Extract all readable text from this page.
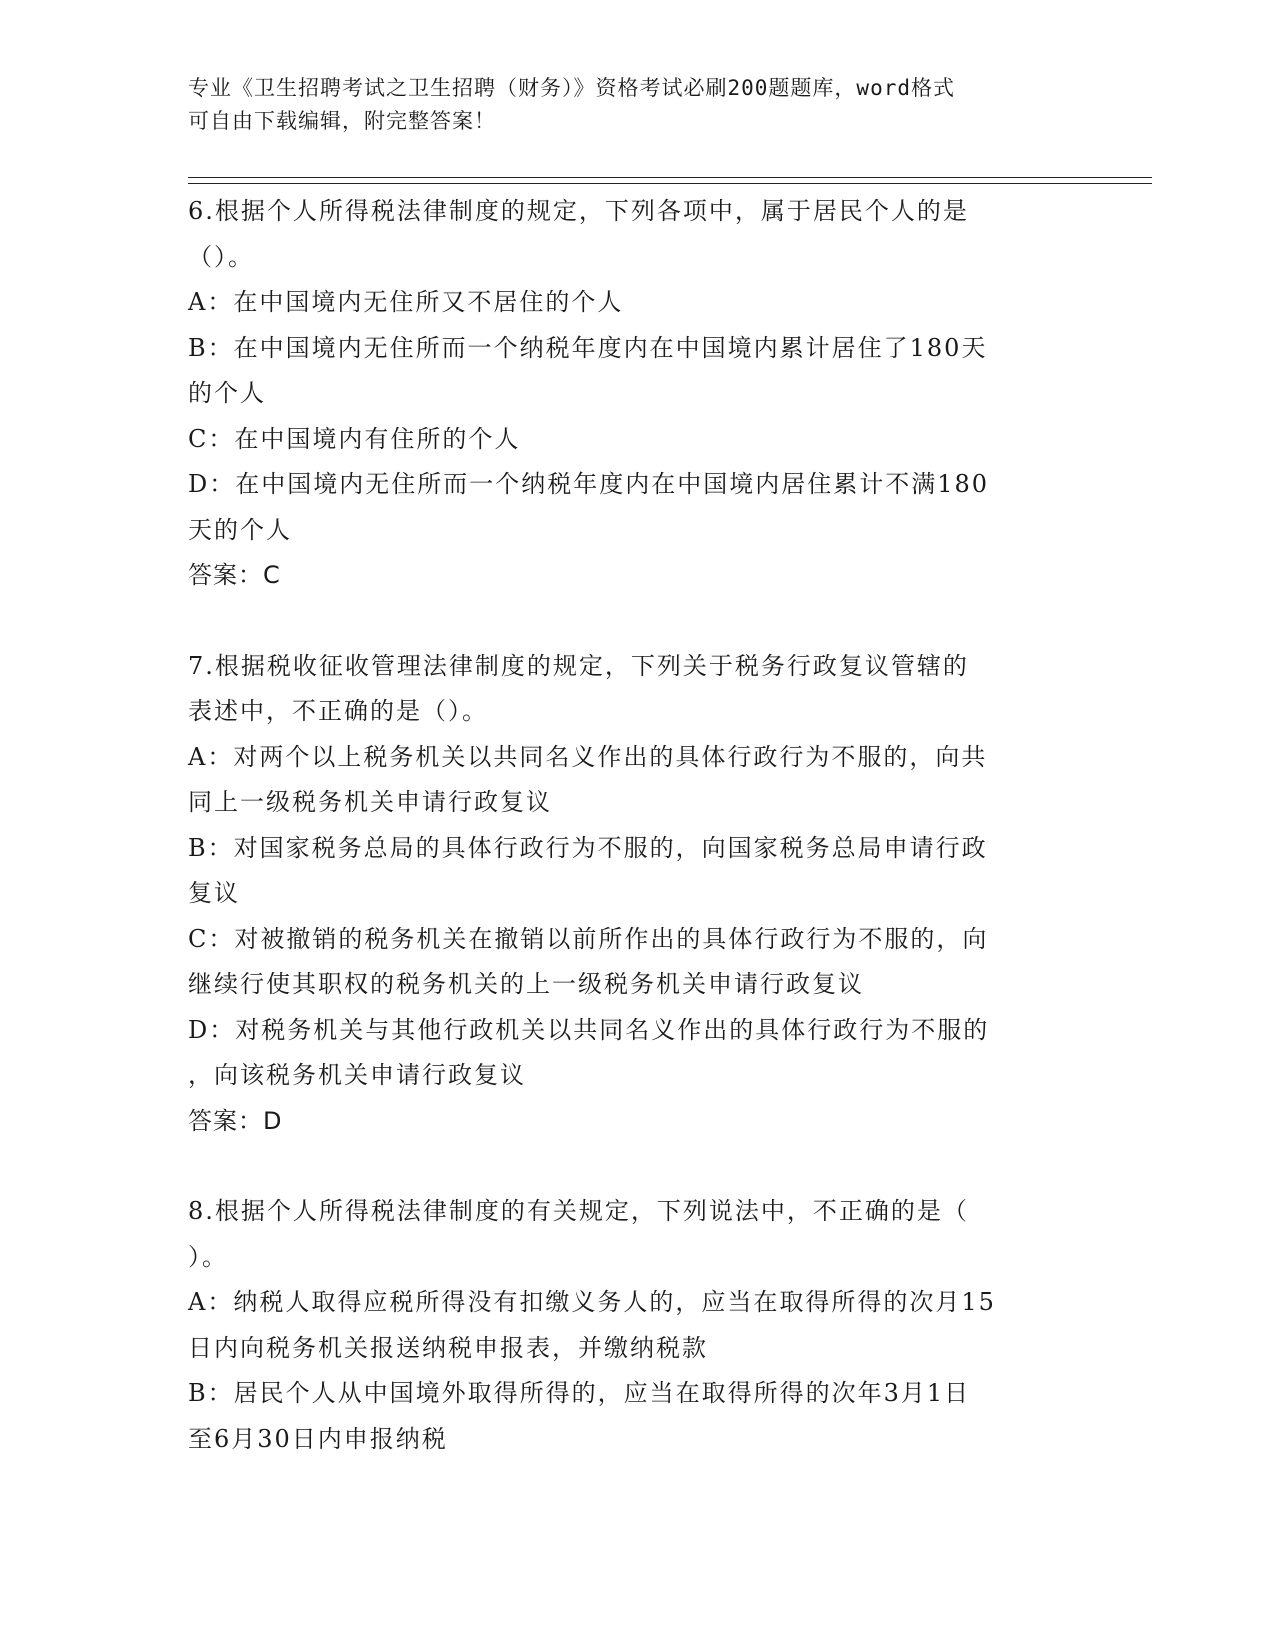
专业《卫生招聘考试之卫生招聘（财务）》资格考试必刷200题题库，word格式
可自由下载编辑，附完整答案！
6.根据个人所得税法律制度的规定，下列各项中，属于居民个人的是
（）。
A：在中国境内无住所又不居住的个人
B：在中国境内无住所而一个纳税年度内在中国境内累计居住了180天
的个人
C：在中国境内有住所的个人
D：在中国境内无住所而一个纳税年度内在中国境内居住累计不满180
天的个人
答案：C
7.根据税收征收管理法律制度的规定，下列关于税务行政复议管辖的
表述中，不正确的是（）。
A：对两个以上税务机关以共同名义作出的具体行政行为不服的，向共
同上一级税务机关申请行政复议
B：对国家税务总局的具体行政行为不服的，向国家税务总局申请行政
复议
C：对被撤销的税务机关在撤销以前所作出的具体行政行为不服的，向
继续行使其职权的税务机关的上一级税务机关申请行政复议
D：对税务机关与其他行政机关以共同名义作出的具体行政行为不服的
，向该税务机关申请行政复议
答案：D
8.根据个人所得税法律制度的有关规定，下列说法中，不正确的是（
）。
A：纳税人取得应税所得没有扣缴义务人的，应当在取得所得的次月15
日内向税务机关报送纳税申报表，并缴纳税款
B：居民个人从中国境外取得所得的，应当在取得所得的次年3月1日
至6月30日内申报纳税
